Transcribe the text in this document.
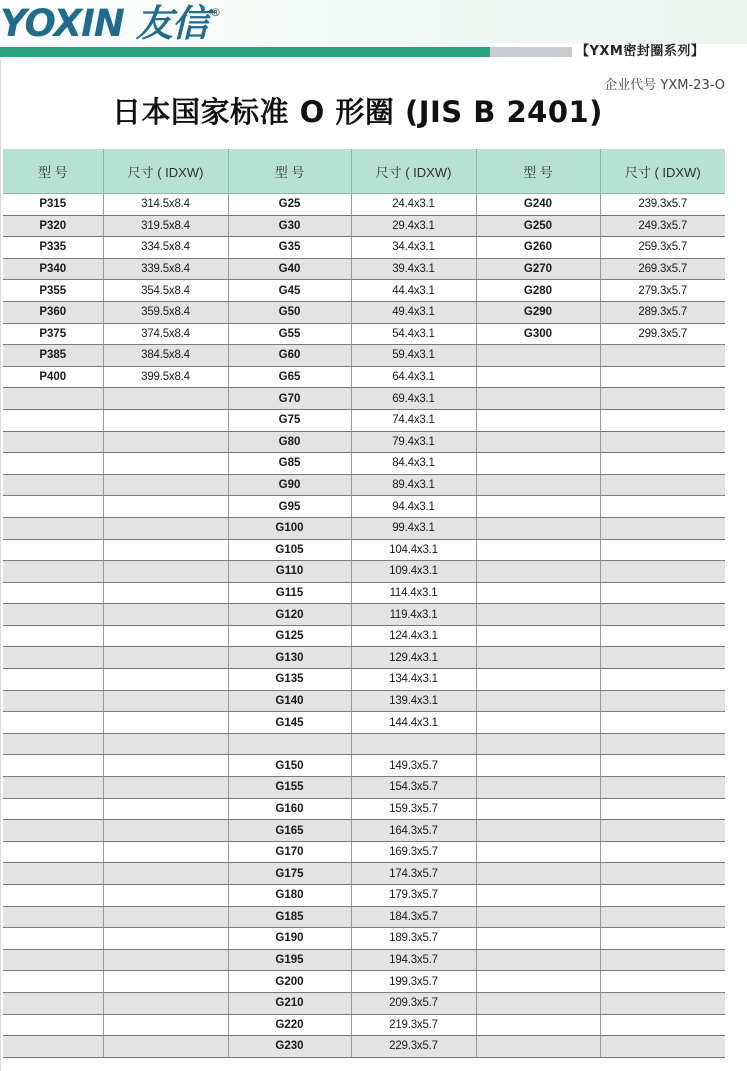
YOXIN 友信 ®
【YXM密封圈系列】
企业代号 YXM-23-O
日本国家标准 O 形圈 (JIS B 2401)
型 号	尺寸 ( IDXW)	型 号	尺寸 ( IDXW)	型 号	尺寸 ( IDXW)
P315	314.5x8.4	G25	24.4x3.1	G240	239.3x5.7
P320	319.5x8.4	G30	29.4x3.1	G250	249.3x5.7
P335	334.5x8.4	G35	34.4x3.1	G260	259.3x5.7
P340	339.5x8.4	G40	39.4x3.1	G270	269.3x5.7
P355	354.5x8.4	G45	44.4x3.1	G280	279.3x5.7
P360	359.5x8.4	G50	49.4x3.1	G290	289.3x5.7
P375	374.5x8.4	G55	54.4x3.1	G300	299.3x5.7
P385	384.5x8.4	G60	59.4x3.1		
P400	399.5x8.4	G65	64.4x3.1		
		G70	69.4x3.1		
		G75	74.4x3.1		
		G80	79.4x3.1		
		G85	84.4x3.1		
		G90	89.4x3.1		
		G95	94.4x3.1		
		G100	99.4x3.1		
		G105	104.4x3.1		
		G110	109.4x3.1		
		G115	114.4x3.1		
		G120	119.4x3.1		
		G125	124.4x3.1		
		G130	129.4x3.1		
		G135	134.4x3.1		
		G140	139.4x3.1		
		G145	144.4x3.1		

		G150	149.3x5.7		
		G155	154.3x5.7		
		G160	159.3x5.7		
		G165	164.3x5.7		
		G170	169.3x5.7		
		G175	174.3x5.7		
		G180	179.3x5.7		
		G185	184.3x5.7		
		G190	189.3x5.7		
		G195	194.3x5.7		
		G200	199.3x5.7		
		G210	209.3x5.7		
		G220	219.3x5.7		
		G230	229.3x5.7		
